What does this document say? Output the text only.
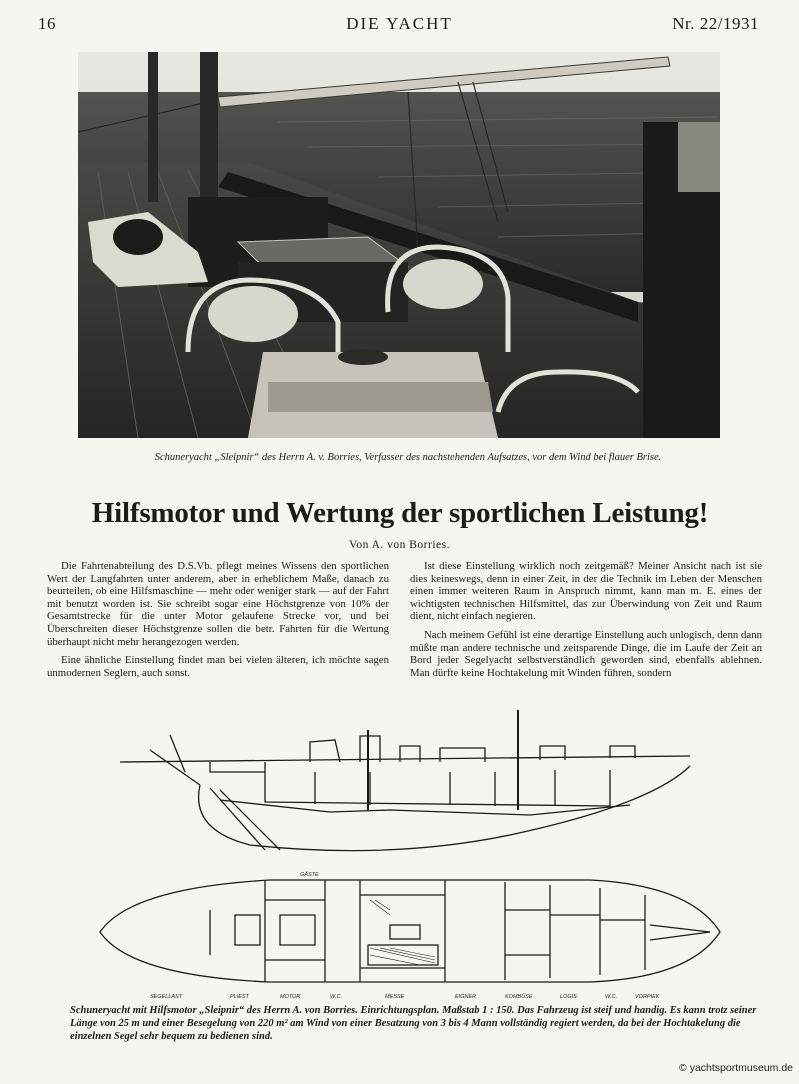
16	DIE YACHT	Nr. 22/1931
Schuneryacht „Sleipnir“ des Herrn A. v. Borries, Verfasser des nachstehenden Aufsatzes, vor dem Wind bei flauer Brise.
Hilfsmotor und Wertung der sportlichen Leistung!
Von A. von Borries.

Die Fahrtenabteilung des D.S.Vb. pflegt meines Wissens den sportlichen Wert der Langfahrten unter anderem, aber in erheblichem Maße, danach zu beurteilen, ob eine Hilfsmaschine — mehr oder weniger stark — auf der Fahrt mit benutzt worden ist. Sie schreibt sogar eine Höchstgrenze von 10% der Gesamtstrecke für die unter Motor gelaufene Strecke vor, und bei Überschreiten dieser Höchstgrenze sollen die betr. Fahrten für die Wertung überhaupt nicht mehr herangezogen werden.

Eine ähnliche Einstellung findet man bei vielen älteren, ich möchte sagen unmodernen Seglern, auch sonst.

Ist diese Einstellung wirklich noch zeitgemäß? Meiner Ansicht nach ist sie dies keineswegs, denn in einer Zeit, in der die Technik im Leben der Menschen einen immer weiteren Raum in Anspruch nimmt, kann man m. E. eines der wichtigsten technischen Hilfsmittel, das zur Überwindung von Zeit und Raum dient, nicht einfach negieren.

Nach meinem Gefühl ist eine derartige Einstellung auch unlogisch, denn dann müßte man andere technische und zeitsparende Dinge, die im Laufe der Zeit an Bord jeder Segelyacht selbstverständlich geworden sind, ebenfalls ablehnen. Man dürfte keine Hochtakelung mit Winden führen, sondern

GÄSTE
SEGELLAST	PLIEST	MOTOR	W.C.	MESSE	EIGNER	KOMBÜSE	LOGIS	W.C.	VORPIEK
Schuneryacht mit Hilfsmotor „Sleipnir“ des Herrn A. von Borries. Einrichtungsplan. Maßstab 1 : 150. Das Fahrzeug ist steif und handig. Es kann trotz seiner Länge von 25 m und einer Besegelung von 220 m² am Wind von einer Besatzung von 3 bis 4 Mann vollständig regiert werden, da bei der Hochtakelung die einzelnen Segel sehr bequem zu bedienen sind.
© yachtsportmuseum.de
